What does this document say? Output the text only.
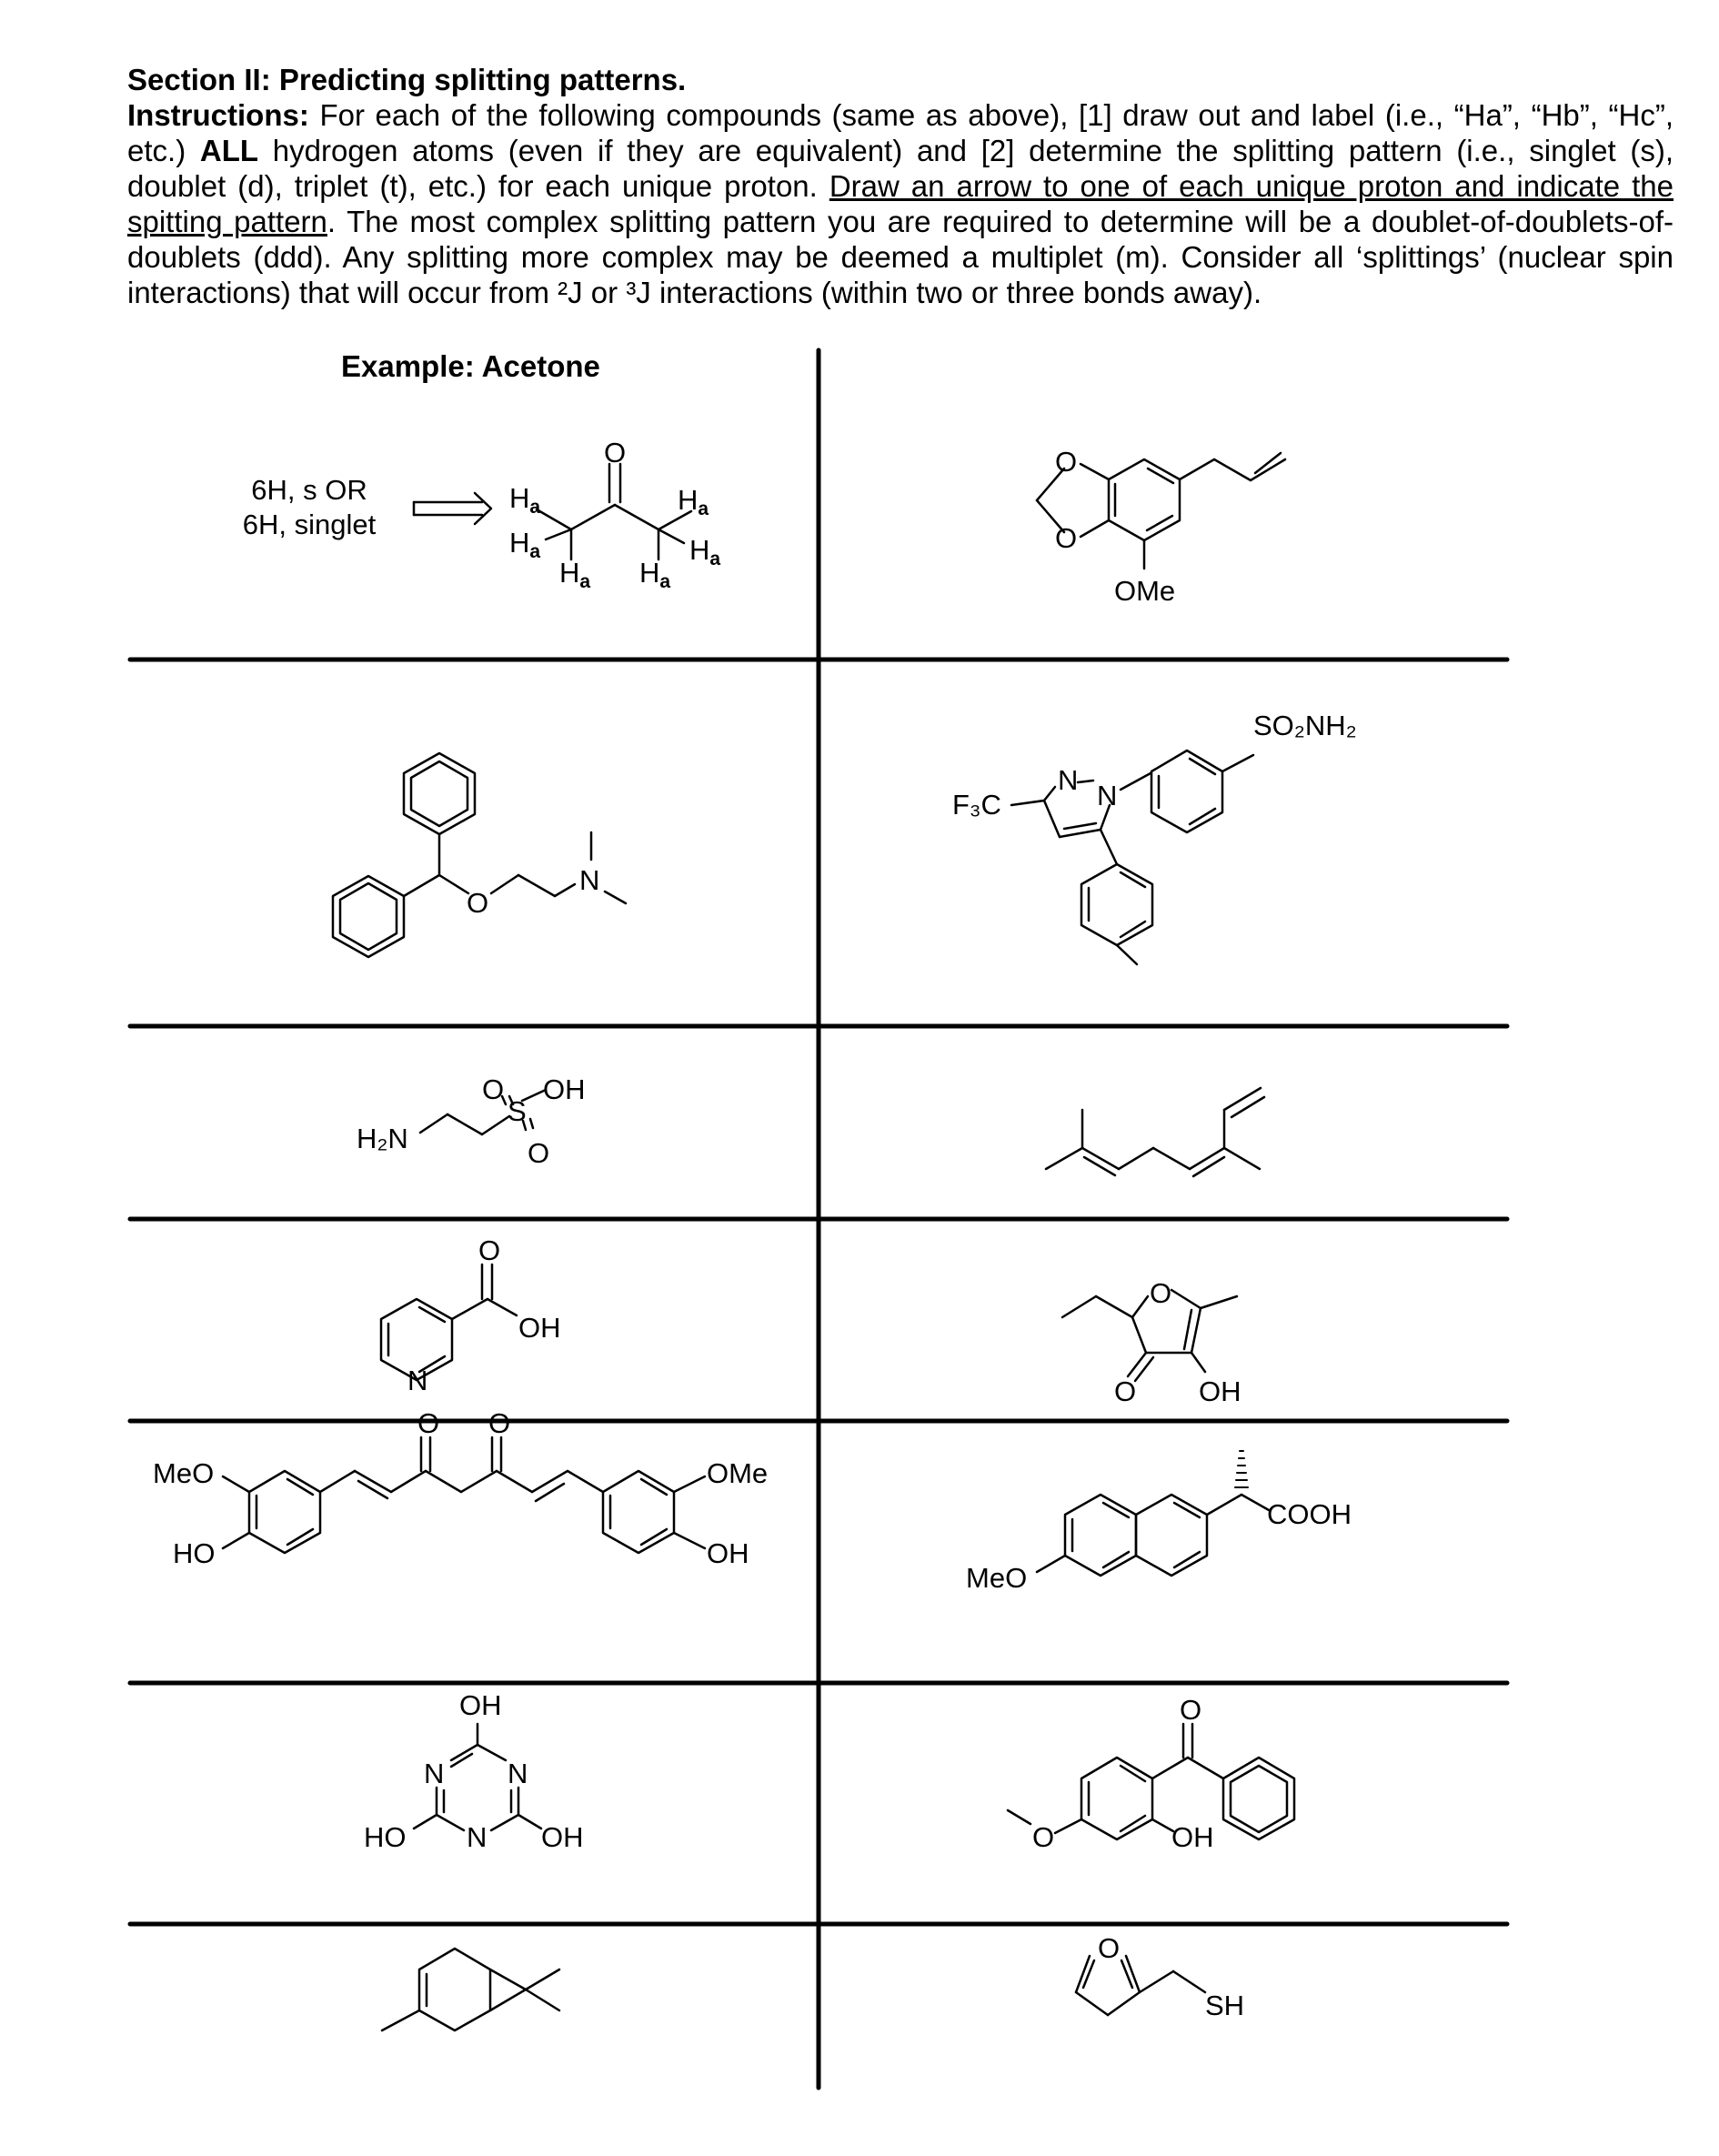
Section II: Predicting splitting patterns.
Instructions: For each of the following compounds (same as above), [1] draw out and label (i.e., “Ha”, “Hb”, “Hc”, etc.) ALL hydrogen atoms (even if they are equivalent) and [2] determine the splitting pattern (i.e., singlet (s), doublet (d), triplet (t), etc.) for each unique proton. Draw an arrow to one of each unique proton and indicate the spitting pattern. The most complex splitting pattern you are required to determine will be a doublet-of-doublets-of-doublets (ddd). Any splitting more complex may be deemed a multiplet (m). Consider all ‘splittings’ (nuclear spin interactions) that will occur from ²J or ³J interactions (within two or three bonds away).
Example: Acetone
6H, s OR
6H, singlet
O
Ha
Ha
Ha Ha
Ha
Ha
O
O
OMe
O
N
F₃C
N N
SO₂NH₂
H₂N
S
O
O
OH
O
OH
N
O
O OH
MeO
HO
O O
OMe
OH
MeO
COOH
OH
N N
N
HO	OH
O
O	OH
O
SH
